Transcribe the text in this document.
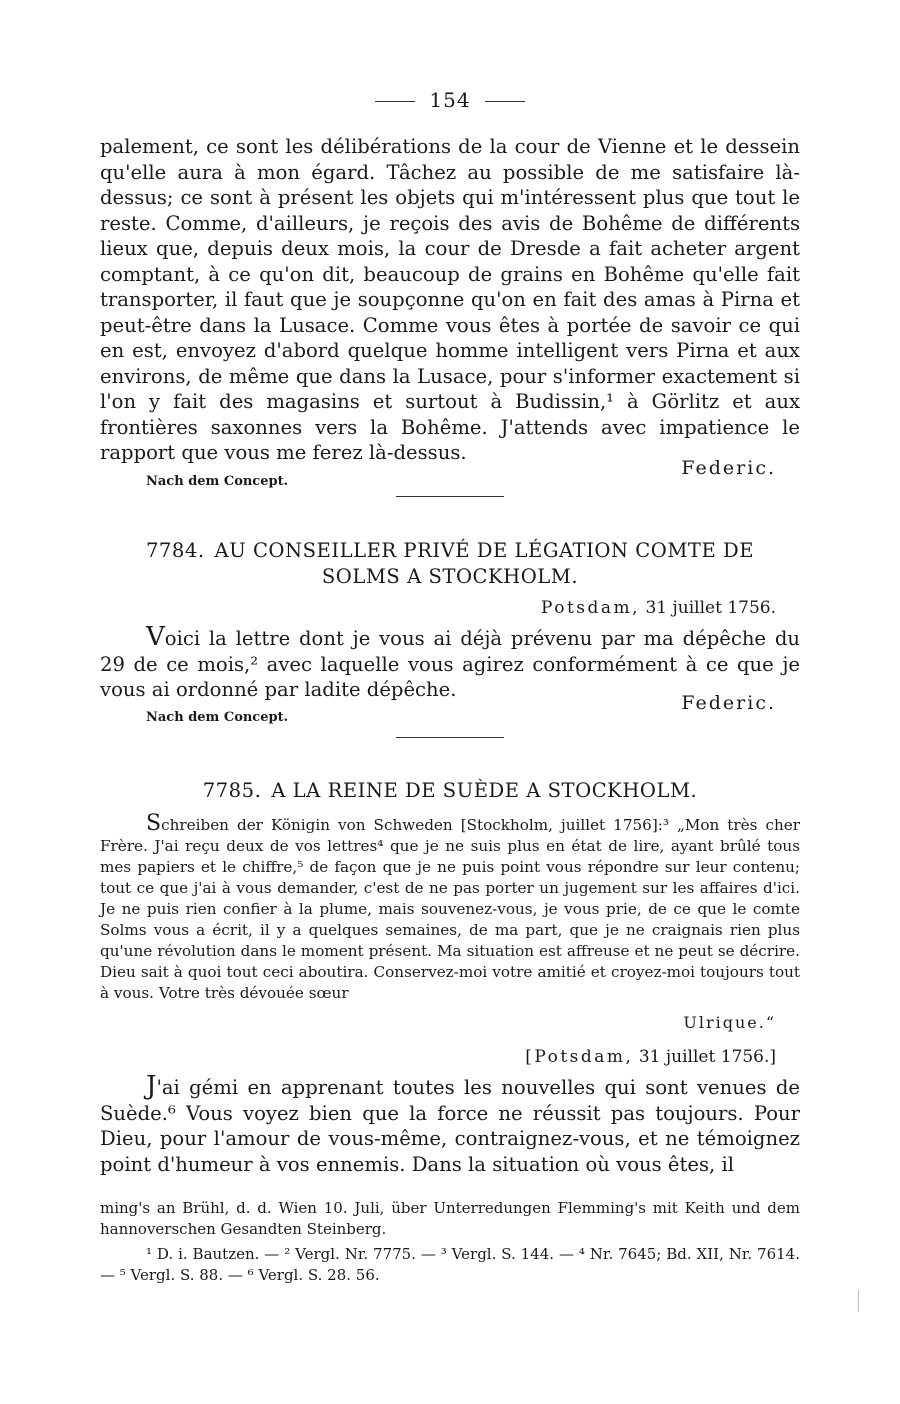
154
palement, ce sont les délibérations de la cour de Vienne et le dessein qu'elle aura à mon égard. Tâchez au possible de me satisfaire là-dessus; ce sont à présent les objets qui m'intéressent plus que tout le reste. Comme, d'ailleurs, je reçois des avis de Bohême de différents lieux que, depuis deux mois, la cour de Dresde a fait acheter argent comptant, à ce qu'on dit, beaucoup de grains en Bohême qu'elle fait transporter, il faut que je soupçonne qu'on en fait des amas à Pirna et peut-être dans la Lusace. Comme vous êtes à portée de savoir ce qui en est, envoyez d'abord quelque homme intelligent vers Pirna et aux environs, de même que dans la Lusace, pour s'informer exactement si l'on y fait des magasins et surtout à Budissin,¹ à Görlitz et aux frontières saxonnes vers la Bohême. J'attends avec impatience le rapport que vous me ferez là-dessus.
Federic.
Nach dem Concept.
7784. AU CONSEILLER PRIVÉ DE LÉGATION COMTE DE
SOLMS A STOCKHOLM.
Potsdam, 31 juillet 1756.
Voici la lettre dont je vous ai déjà prévenu par ma dépêche du 29 de ce mois,² avec laquelle vous agirez conformément à ce que je vous ai ordonné par ladite dépêche.
Federic.
Nach dem Concept.
7785. A LA REINE DE SUÈDE A STOCKHOLM.
Schreiben der Königin von Schweden [Stockholm, juillet 1756]:³ „Mon très cher Frère. J'ai reçu deux de vos lettres⁴ que je ne suis plus en état de lire, ayant brûlé tous mes papiers et le chiffre,⁵ de façon que je ne puis point vous répondre sur leur contenu; tout ce que j'ai à vous demander, c'est de ne pas porter un jugement sur les affaires d'ici. Je ne puis rien confier à la plume, mais souvenez-vous, je vous prie, de ce que le comte Solms vous a écrit, il y a quelques semaines, de ma part, que je ne craignais rien plus qu'une révolution dans le moment présent. Ma situation est affreuse et ne peut se décrire. Dieu sait à quoi tout ceci aboutira. Conservez-moi votre amitié et croyez-moi toujours tout à vous. Votre très dévouée sœur
Ulrique.“
[Potsdam, 31 juillet 1756.]
J'ai gémi en apprenant toutes les nouvelles qui sont venues de Suède.⁶ Vous voyez bien que la force ne réussit pas toujours. Pour Dieu, pour l'amour de vous-même, contraignez-vous, et ne témoignez point d'humeur à vos ennemis. Dans la situation où vous êtes, il
ming's an Brühl, d. d. Wien 10. Juli, über Unterredungen Flemming's mit Keith und dem hannoverschen Gesandten Steinberg.
¹ D. i. Bautzen. — ² Vergl. Nr. 7775. — ³ Vergl. S. 144. — ⁴ Nr. 7645; Bd. XII, Nr. 7614. — ⁵ Vergl. S. 88. — ⁶ Vergl. S. 28. 56.
